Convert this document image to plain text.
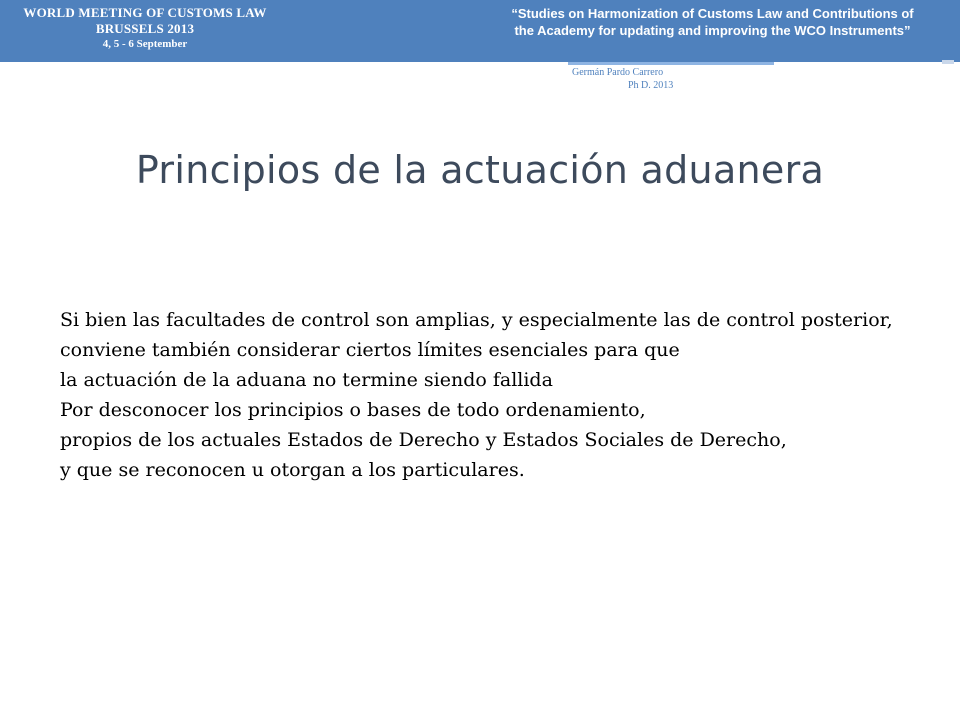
WORLD MEETING OF CUSTOMS LAW BRUSSELS 2013
4, 5 - 6 September
“Studies on Harmonization of Customs Law and Contributions of
the Academy for updating and improving the WCO Instruments”
Germán Pardo Carrero
Ph D. 2013
Principios de la actuación aduanera
Si bien las facultades de control son amplias, y especialmente las de control posterior,
conviene también considerar ciertos límites esenciales para que
la actuación de la aduana no termine siendo fallida
Por desconocer los principios o bases de todo ordenamiento,
propios de los actuales Estados de Derecho y Estados Sociales de Derecho,
y que se reconocen u otorgan a los particulares.
